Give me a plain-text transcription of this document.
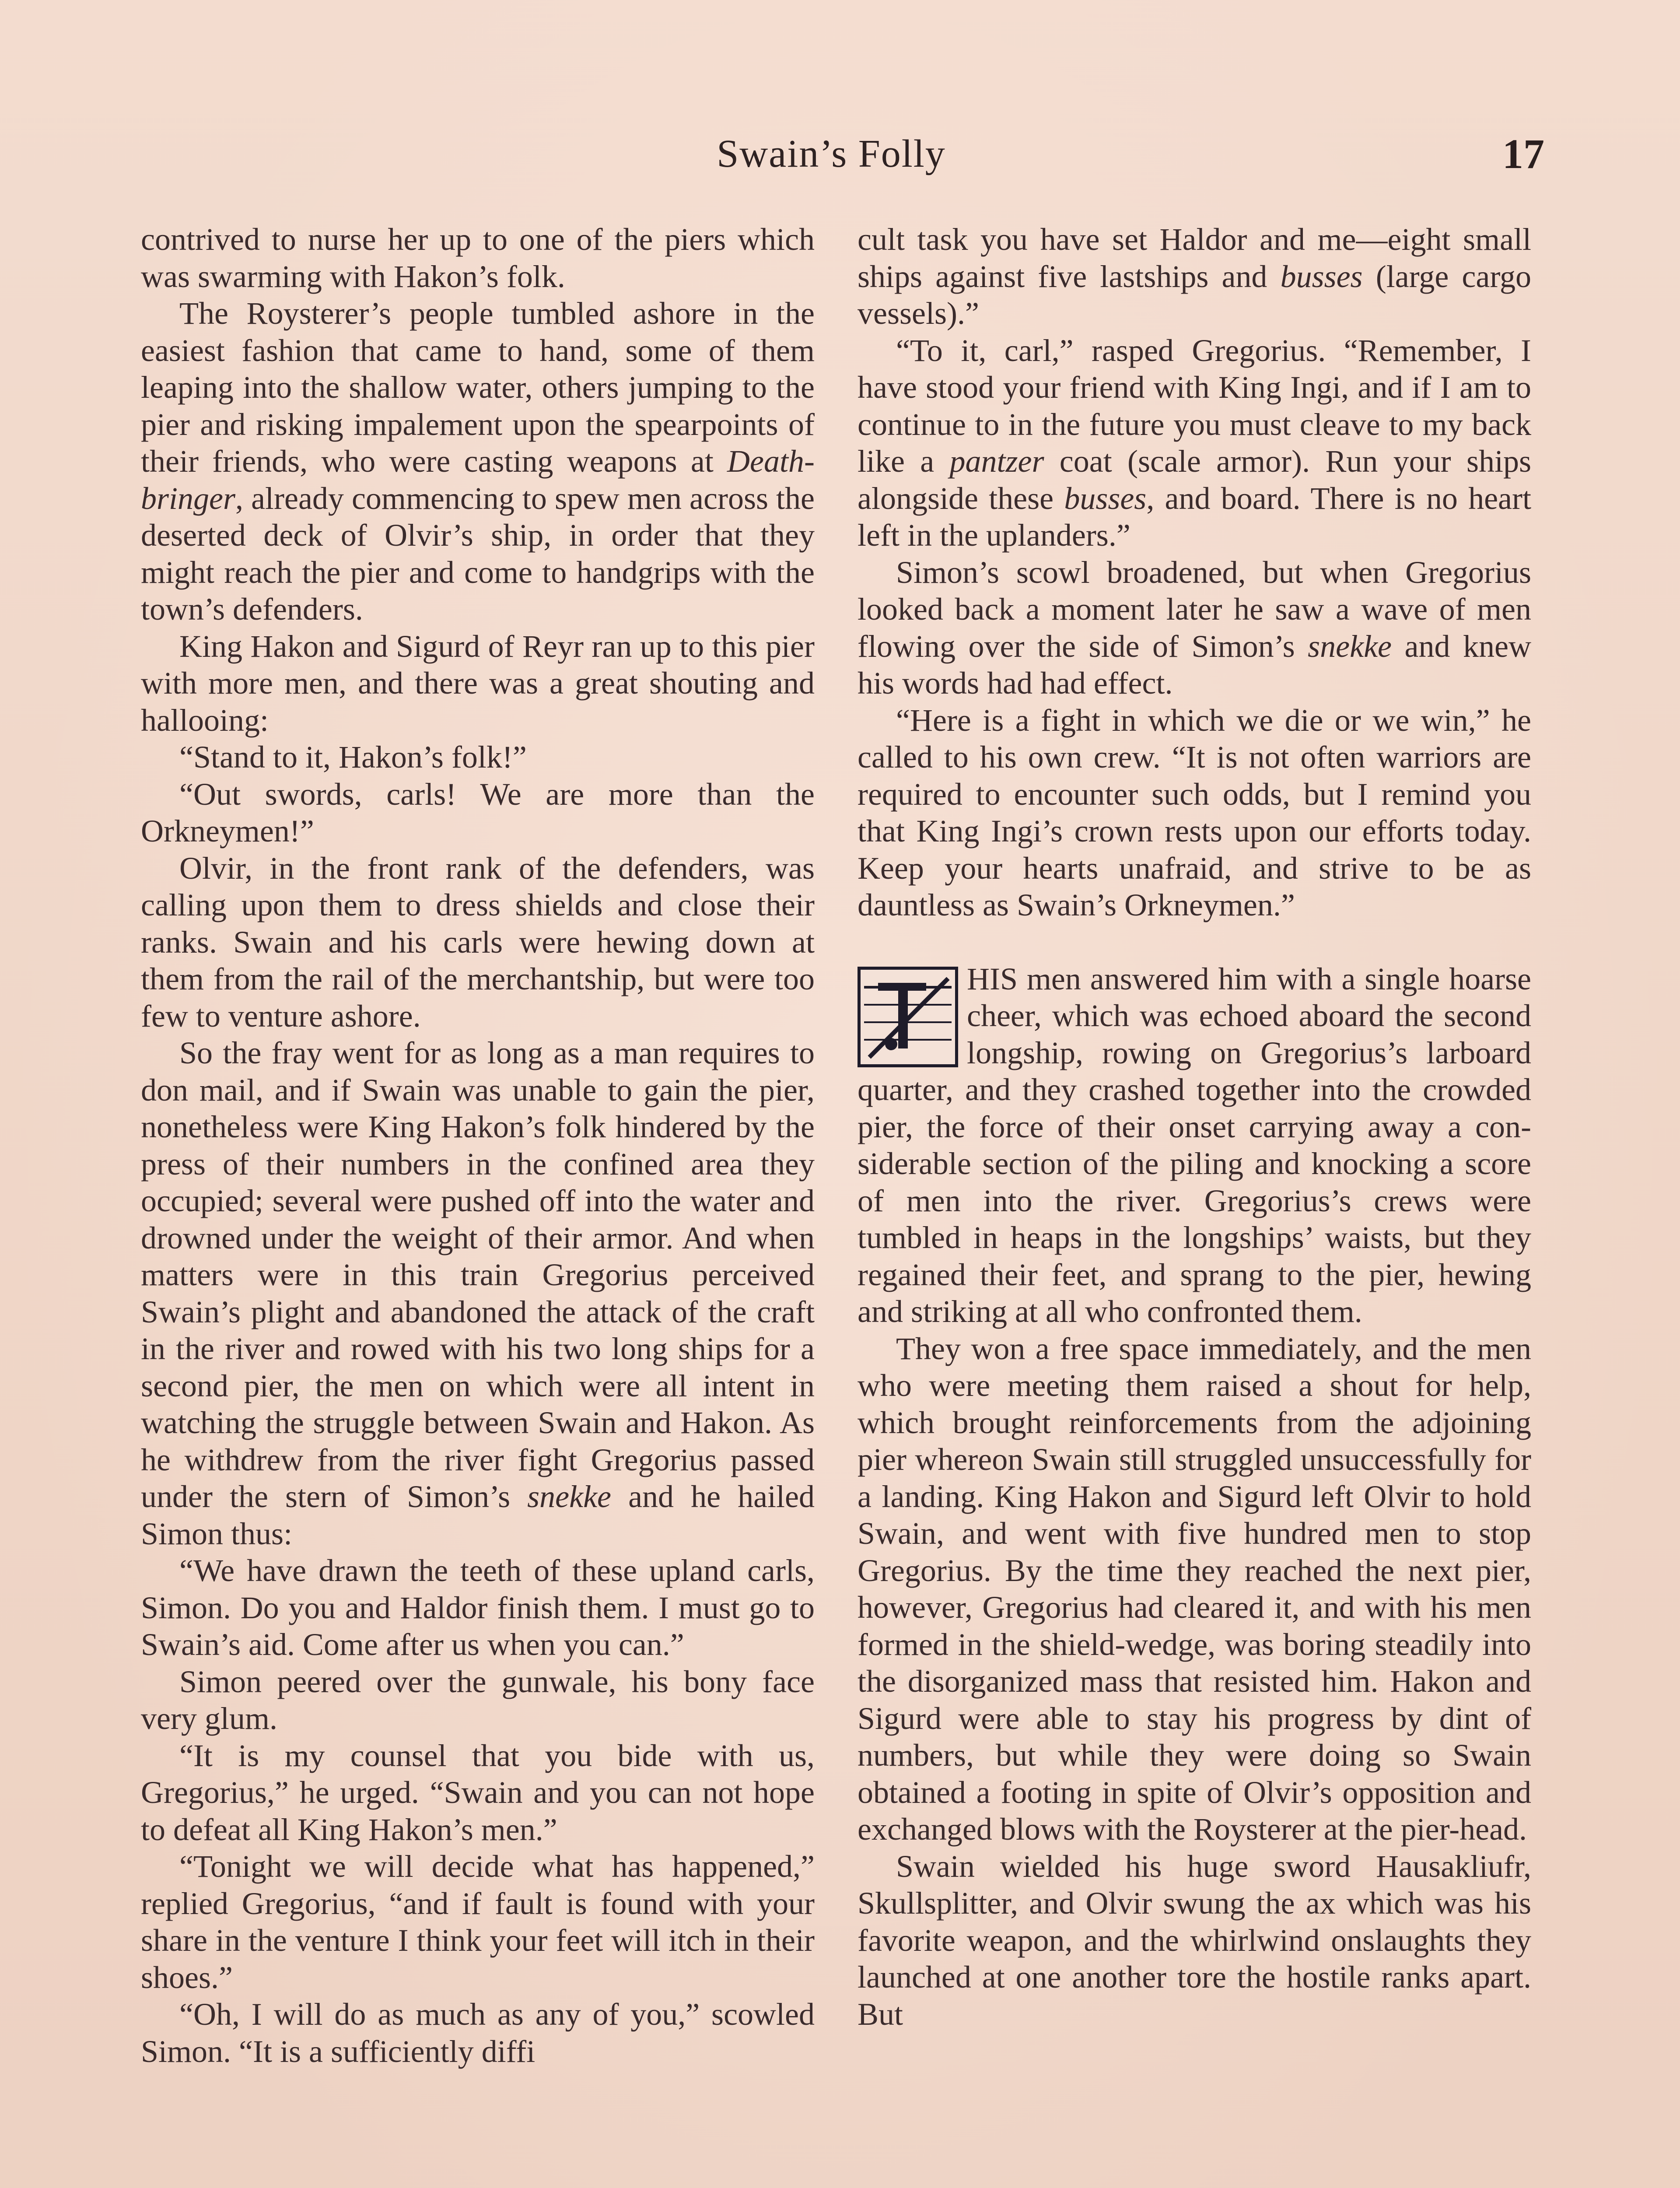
Swain’s Folly	17

contrived to nurse her up to one of the piers which was swarming with Hakon’s folk.

The Roysterer’s people tumbled ashore in the easiest fashion that came to hand, some of them leaping into the shallow water, others jumping to the pier and risking impalement upon the spearpoints of their friends, who were casting weapons at Deathbringer, already commencing to spew men across the deserted deck of Olvir’s ship, in order that they might reach the pier and come to handgrips with the town’s defenders.

King Hakon and Sigurd of Reyr ran up to this pier with more men, and there was a great shouting and hallooing:

“Stand to it, Hakon’s folk!”

“Out swords, carls! We are more than the Orkneymen!”

Olvir, in the front rank of the defenders, was calling upon them to dress shields and close their ranks. Swain and his carls were hewing down at them from the rail of the merchantship, but were too few to venture ashore.

So the fray went for as long as a man requires to don mail, and if Swain was unable to gain the pier, nonetheless were King Hakon’s folk hindered by the press of their numbers in the confined area they occupied; several were pushed off into the water and drowned under the weight of their armor. And when matters were in this train Gregorius perceived Swain’s plight and abandoned the attack of the craft in the river and rowed with his two long ships for a second pier, the men on which were all intent in watching the struggle between Swain and Hakon. As he withdrew from the river fight Gregorius passed under the stern of Simon’s snekke and he hailed Simon thus:

“We have drawn the teeth of these upland carls, Simon. Do you and Haldor finish them. I must go to Swain’s aid. Come after us when you can.”

Simon peered over the gunwale, his bony face very glum.

“It is my counsel that you bide with us, Gregorius,” he urged. “Swain and you can not hope to defeat all King Hakon’s men.”

“Tonight we will decide what has happened,” replied Gregorius, “and if fault is found with your share in the venture I think your feet will itch in their shoes.”

“Oh, I will do as much as any of you,” scowled Simon. “It is a sufficiently diffi

cult task you have set Haldor and me—eight small ships against five lastships and busses (large cargo vessels).”

“To it, carl,” rasped Gregorius. “Remember, I have stood your friend with King Ingi, and if I am to continue to in the future you must cleave to my back like a pantzer coat (scale armor). Run your ships alongside these busses, and board. There is no heart left in the uplanders.”

Simon’s scowl broadened, but when Gregorius looked back a moment later he saw a wave of men flowing over the side of Simon’s snekke and knew his words had had effect.

“Here is a fight in which we die or we win,” he called to his own crew. “It is not often warriors are required to encounter such odds, but I remind you that King Ingi’s crown rests upon our efforts today. Keep your hearts unafraid, and strive to be as dauntless as Swain’s Orkneymen.”

HIS men answered him with a single hoarse cheer, which was echoed aboard the second longship, rowing on Gregorius’s larboard quarter, and they crashed together into the crowded pier, the force of their onset carrying away a considerable section of the piling and knocking a score of men into the river. Gregorius’s crews were tumbled in heaps in the longships’ waists, but they regained their feet, and sprang to the pier, hewing and striking at all who confronted them.

They won a free space immediately, and the men who were meeting them raised a shout for help, which brought reinforcements from the adjoining pier whereon Swain still struggled unsuccessfully for a landing. King Hakon and Sigurd left Olvir to hold Swain, and went with five hundred men to stop Gregorius. By the time they reached the next pier, however, Gregorius had cleared it, and with his men formed in the shield-wedge, was boring steadily into the disorganized mass that resisted him. Hakon and Sigurd were able to stay his progress by dint of numbers, but while they were doing so Swain obtained a footing in spite of Olvir’s opposition and exchanged blows with the Roysterer at the pier-head.

Swain wielded his huge sword Hausakliufr, Skullsplitter, and Olvir swung the ax which was his favorite weapon, and the whirlwind onslaughts they launched at one another tore the hostile ranks apart. But
